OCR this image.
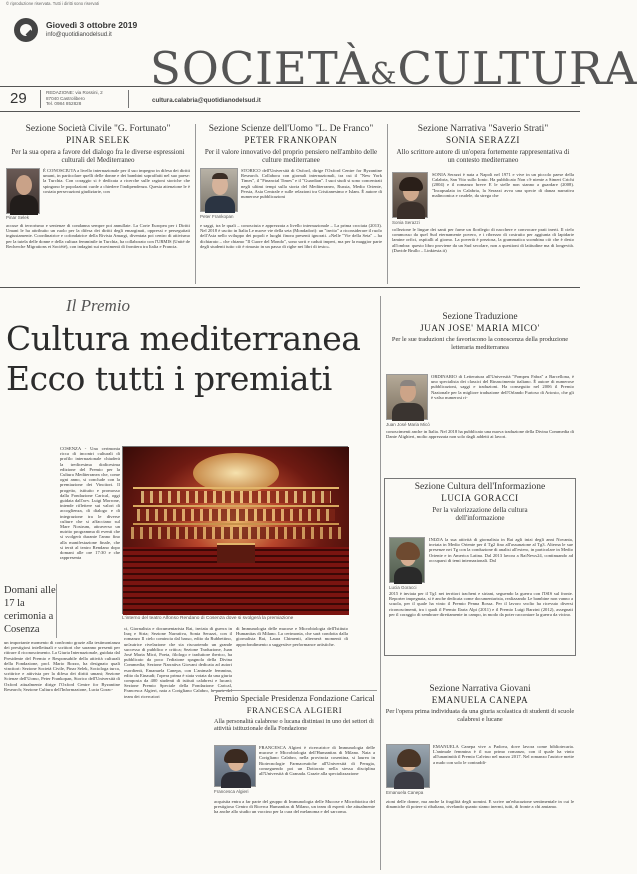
© riproduzione riservata. Tutti i diritti sono riservati
Giovedì 3 ottobre 2019
info@quotidianodelsud.it
SOCIETÀ&CULTURA
29	REDAZIONE: via Rossini, 2
87040 Castrolibero
Tel. 0984 852828	cultura.calabria@quotidianodelsud.it
Sezione Società Civile "G. Fortunato"
PINAR SELEK
Per la sua opera a favore del dialogo fra le diverse espressioni culturali del Mediterraneo
Pinar Selek
È CONOSCIUTA a livello internazionale per il suo impegno in difesa dei diritti umani, in particolare quelli delle donne e dei bambini sopraffatti nel suo paese: la Turchia. Con coraggio si è dedicata a ricerche sulle ragioni storiche che spingono le popolazioni curde a chiedere l'indipendenza. Questa attenzione le è costata persecuzioni giudiziarie, con
accuse di terrorismo e sentenze di condanna sempre poi annullate. La Corte Europea per i Diritti Umani le ha attribuito un ruolo per la difesa dei diritti degli emarginati, oppressi e perseguitati ingiustamente. Coordinatrice e cofondatrice della Rivista Amargi, diventata poi centro di attivismo per la tutela delle donne e della cultura femminile in Turchia, ha collaborato con l'URMIS (Unité de Recherche Migrations et Société), con indagini sui movimenti di frontiera tra Italia e Francia.
Sezione Scienze dell'Uomo "L. De Franco"
PETER FRANKOPAN
Per il valore innovativo del proprio pensiero nell'ambito delle culture mediterranee
Peter Frankopan
STORICO dell'Università di Oxford, dirige l'Oxford Centre for Byzantine Research. Collabora con giornali internazionali, tra cui il "New York Times", il "Financial Times" e il "Guardian". I suoi studi si sono concentrati negli ultimi tempi sulla storia del Mediterraneo, Russia, Medio Oriente, Persia, Asia Centrale e sulle relazioni tra Cristianesimo e Islam. È autore di numerose pubblicazioni
e saggi, tra le quali – conosciuta e apprezzata a livello internazionale – La prima crociata (2013). Nel 2018 è uscito in Italia Le nuove vie della seta (Mondadori): un "invito" a riconsiderare il ruolo dell'Asia nello sviluppo dei popoli e luoghi finora presenti ignorati. «Nelle "Vie della Seta" – ha dichiarato – che chiamo "Il Cuore del Mondo", sono sorti e caduti imperi, ma per la maggior parte degli studenti tutto ciò è rimasto in un passo di righe nei libri di testo».
Sezione Narrativa "Saverio Strati"
SONIA SERAZZI
Allo scrittore autore di un'opera fortemente rappresentativa di un contesto mediterraneo
Sonia Serazzi
SONIA Serazzi è nata a Napoli nel 1971 e vive in un piccolo paese della Calabria, San Vito sullo Ionio. Ha pubblicato Non c'è niente a Simeri Crichi (2004) e il romanzo breve E le stelle non stanno a guardare (2008). "Incapsulata in Calabria, la Serazzi avva una specie di danza narrativa malinconica e crudele, da strega che
collezione le lingue dei santi per farne un florilegio di nacchere e convocare prati inerti. Il cielo commosso da quel Sud eternamente povero, e i ribrezzo di costruito per aggiunta di lapidarie lamine orfici, ospitalli al giorno. La povertà è preziosa, la grammatica scombina ciò che è desto all'ombra: questo libro proviene da un Sud secolare, non a questioni di latitudine ma di longevità. (Davide Brullo – Linkiesta.it)
Il Premio
Cultura mediterranea
Ecco tutti i premiati
L'interno del teatro Alfonso Rendano di Cosenza dove si svolgerà la premiazione
COSENZA - Una cerimonia ricca di incontri culturali di profilo internazionale chiuderà la tredicesima dodicesima edizione del Premio per la Cultura Mediterranea che, come ogni anno, si conclude con la premiazione dei Vincitori. Il progetto, istituito e promosso dalla Fondazione Carical, oggi guidata dall'avv. Luigi Morrone, intende riflettere sui valori di accoglienza, di dialogo e di integrazione tra le diverse culture che si affacciano sul Mare Nostrum, attraverso un nutrito programma di eventi che si svolgerà durante l'anno fino alla manifestazione finale, che si terrà al teatro Rendano dopo domani alle ore 17:30 e che rappresenta
Domani alle 17 la cerimonia a Cosenza
un importante momento di confronto grazie alla testimonianza dei prestigiosi intellettuali e scrittori che saranno presenti per ritirare il riconoscimento. La Giuria Internazionale, guidata dal Presidente del Premio e Responsabile della attività culturali della Fondazione, prof. Mario Bozzo, ha designato quali vincitori: Sezione Società Civile, Pinar Selek, Sociologa turca, scrittrice e attivista per la difesa dei diritti umani; Sezione Scienze dell'Uomo, Peter Frankopan, Storico dell'Università di Oxford attualmente dirige l'Oxford Centre for Byzantine Research; Sezione Cultura dell'Informazione, Lucia Gorac-
ci, Giornalista e documentarista Rai, inviata di guerra in Iraq e Siria; Sezione Narrativa, Sonia Serazzi, con il romanzo Il cielo comincia dal basso, edito da Rubbettino, un'autrice rivelazione che sta riscuotendo un grande successo di pubblico e critica; Sezione Traduzione, Juan José Maria Micó, Poeta, filologo e traduttore iberico, ha pubblicato da poco l'edizione spagnola della Divina Commedia; Sezione Narrativa Giovani dedicata ad autori esordienti, Emanuela Canepa, con L'animale femmina, edito da Einaudi; l'opera prima è stata votata da una giuria composta da 400 studenti di istituti calabresi e lucani; Sezione Premio Speciale della Fondazione Carical, Francesca Algieri, nata a Corigliano Calabro, fa parte del team dei ricercatori
di Immunologia delle mucose e Microbiologia dell'Istituto Humanitas di Milano. La cerimonia, che sarà condotta dalla giornalista Rai, Laura Chimenti, alternerà momenti di approfondimento a suggestive performance artistiche.
Premio Speciale Presidenza Fondazione Carical
FRANCESCA ALGIERI
Alla personalità calabrese o lucana distintasi in uno dei settori di attività istituzionale della Fondazione
Francesca Algieri
FRANCESCA Algieri è ricercatrice di Immunologia delle mucose e Microbiologia dell'Humanitas di Milano. Nata a Corigliano Calabro, nella provincia cosentina, si laurea in Biotecnologie Farmaceutiche all'Università di Perugia, conseguendo poi un Dottorato nella stessa disciplina all'Università di Granada. Grazie alla specializzazione
acquisita entra a far parte del gruppo di Immunologia delle Mucose e Microbiotica del prestigioso Centro di Ricerca Humanitas di Milano, un team di esperti che attualmente ha anche allo studio un vaccino per la cura del melanoma e del sarcoma.
Sezione Traduzione
JUAN JOSE' MARIA MICO'
Per le sue traduzioni che favoriscono la conoscenza della produzione letteraria mediterranea
Juan José Maria Micó
ORDINARIO di Letteratura all'Università "Pompeu Fabra" a Barcellona, è uno specialista dei classici del Rinascimento italiano. È autore di numerose pubblicazioni, saggi e traduzioni. Ha conseguito nel 2006 il Premio Nazionale per la migliore traduzione dell'Orlando Furioso di Ariosto, che gli è valso numerosi ri-
conoscimenti anche in Italia. Nel 2018 ha pubblicato una nuova traduzione della Divina Commedia di Dante Alighieri, molto apprezzata non solo dagli addetti ai lavori.
Sezione Cultura dell'Informazione
LUCIA GORACCI
Per la valorizzazione della cultura dell'informazione
Lucia Goracci
INIZIA la sua attività di giornalista in Rai agli inizi degli anni Novanta, inviata in Medio Oriente per il Tg2 fino all'assunzione al Tg3. Alterna le sue presenze nei Tg con la conduzione di analisi all'estero, in particolare in Medio Oriente e in America Latina. Dal 2013 lavora a RaiNews24, continuando ad occuparsi di temi internazionali. Dal
2015 è inviata per il Tg1 nei territori iracheni e siriani, seguendo la guerra con l'ISIS sul fronte. Reporter impegnata, si è anche dedicata come documentarista, realizzando Le bambine non vanno a scuola, per il quale ha vinto il Premio Penna Rossa. Per il lavoro svolto ha ricevuto diversi riconoscimenti, tra i quali il Premio Ilaria Alpi (2011) e il Premio Luigi Barzini (2012), assegnati per il coraggio di sembrare direttamente in campo, in modo da poter raccontare la guerra da vicino.
Sezione Narrativa Giovani
EMANUELA CANEPA
Per l'opera prima individuata da una giuria scolastica di studenti di scuole calabresi e lucane
Emanuela Canepa
EMANUELA Canepa vive a Padova, dove lavora come bibliotecaria. L'animale femmina è il suo primo romanzo, con il quale ha vinto all'unanimità il Premio Calvino nel marzo 2017. Nel romanzo l'autrice mette a nudo con solo le contraddi-
zioni delle donne, ma anche la fragilità degli uomini. E scrive un'educazione sentimentale in cui le dinamiche di potere si ribaltano, rivelando quanto siamo inermi, tutti, di fronte a chi amiamo.
